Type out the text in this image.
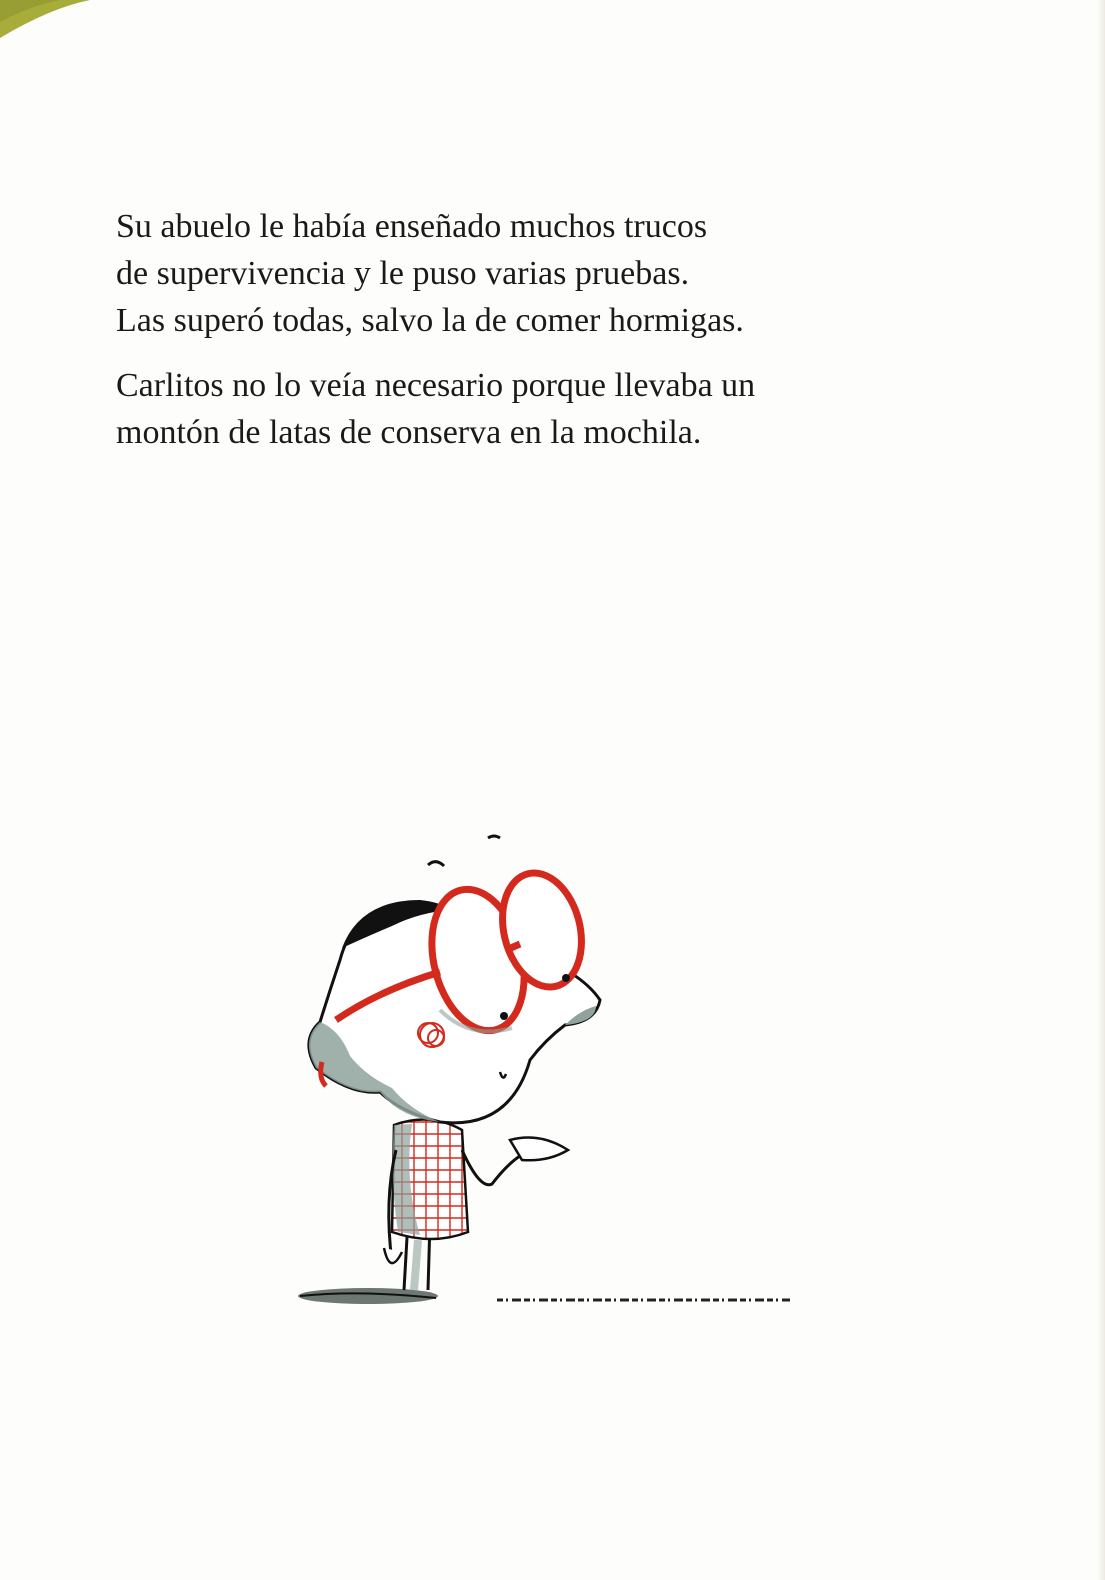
Su abuelo le había enseñado muchos trucos
de supervivencia y le puso varias pruebas.
Las superó todas, salvo la de comer hormigas.

Carlitos no lo veía necesario porque llevaba un
montón de latas de conserva en la mochila.
